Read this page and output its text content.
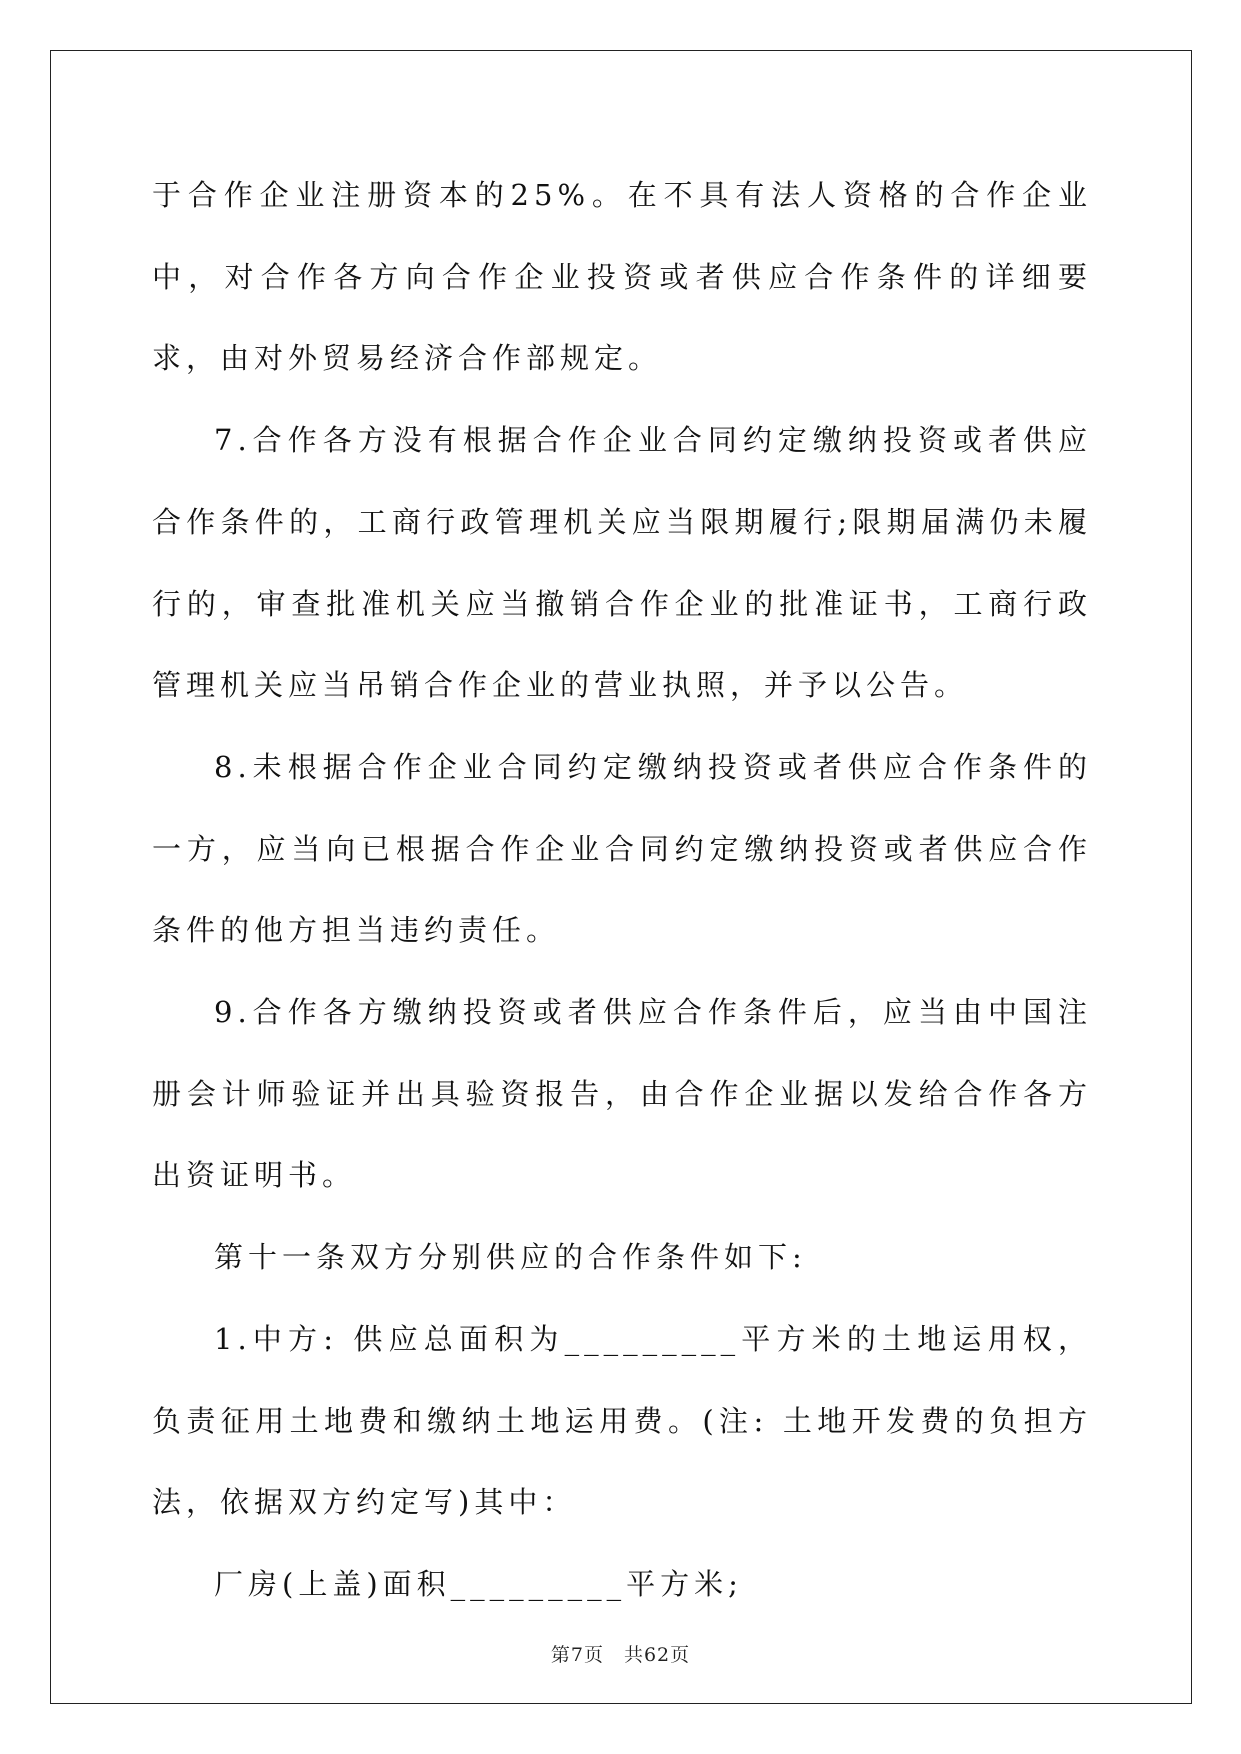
于合作企业注册资本的25%。在不具有法人资格的合作企业中，对合作各方向合作企业投资或者供应合作条件的详细要求，由对外贸易经济合作部规定。

7.合作各方没有根据合作企业合同约定缴纳投资或者供应合作条件的，工商行政管理机关应当限期履行;限期届满仍未履行的，审查批准机关应当撤销合作企业的批准证书，工商行政管理机关应当吊销合作企业的营业执照，并予以公告。

8.未根据合作企业合同约定缴纳投资或者供应合作条件的一方，应当向已根据合作企业合同约定缴纳投资或者供应合作条件的他方担当违约责任。

9.合作各方缴纳投资或者供应合作条件后，应当由中国注册会计师验证并出具验资报告，由合作企业据以发给合作各方出资证明书。

第十一条双方分别供应的合作条件如下:

1.中方: 供应总面积为_________平方米的土地运用权，负责征用土地费和缴纳土地运用费。(注: 土地开发费的负担方法，依据双方约定写)其中：

厂房(上盖)面积_________平方米;

第7页　共62页
